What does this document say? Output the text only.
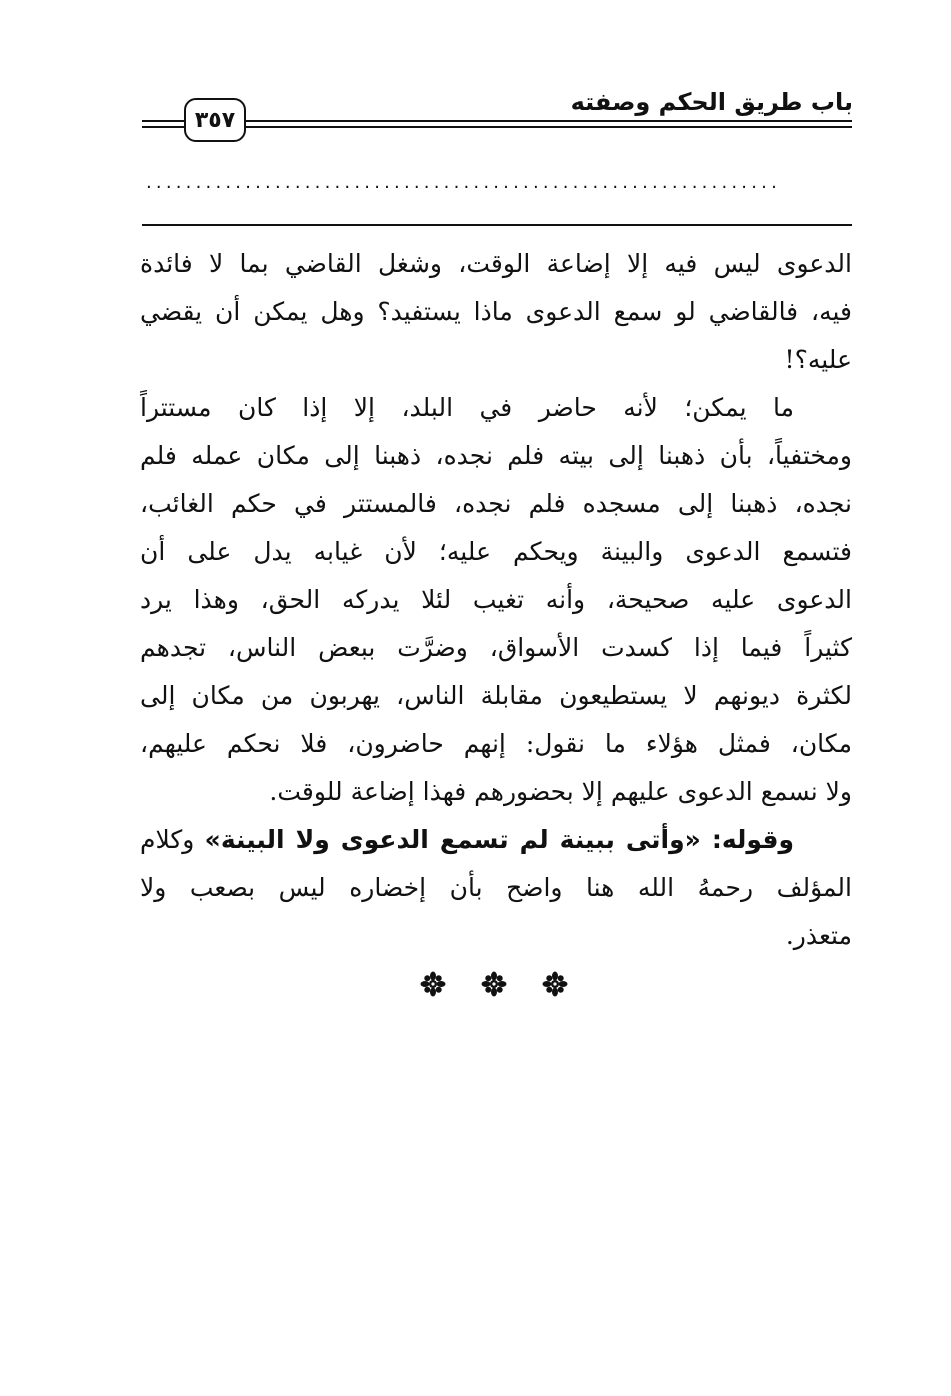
باب طريق الحكم وصفته
٣٥٧
................................................................
الدعوى ليس فيه إلا إضاعة الوقت، وشغل القاضي بما لا فائدة
فيه، فالقاضي لو سمع الدعوى ماذا يستفيد؟ وهل يمكن أن يقضي
عليه؟!
ما يمكن؛ لأنه حاضر في البلد، إلا إذا كان مستتراً
ومختفياً، بأن ذهبنا إلى بيته فلم نجده، ذهبنا إلى مكان عمله فلم
نجده، ذهبنا إلى مسجده فلم نجده، فالمستتر في حكم الغائب،
فتسمع الدعوى والبينة ويحكم عليه؛ لأن غيابه يدل على أن
الدعوى عليه صحيحة، وأنه تغيب لئلا يدركه الحق، وهذا يرد
كثيراً فيما إذا كسدت الأسواق، وضرَّت ببعض الناس، تجدهم
لكثرة ديونهم لا يستطيعون مقابلة الناس، يهربون من مكان إلى
مكان، فمثل هؤلاء ما نقول: إنهم حاضرون، فلا نحكم عليهم،
ولا نسمع الدعوى عليهم إلا بحضورهم فهذا إضاعة للوقت.
وقوله: «وأتى ببينة لم تسمع الدعوى ولا البينة» وكلام
المؤلف رحمهُ الله هنا واضح بأن إخضاره ليس بصعب ولا
متعذر.
